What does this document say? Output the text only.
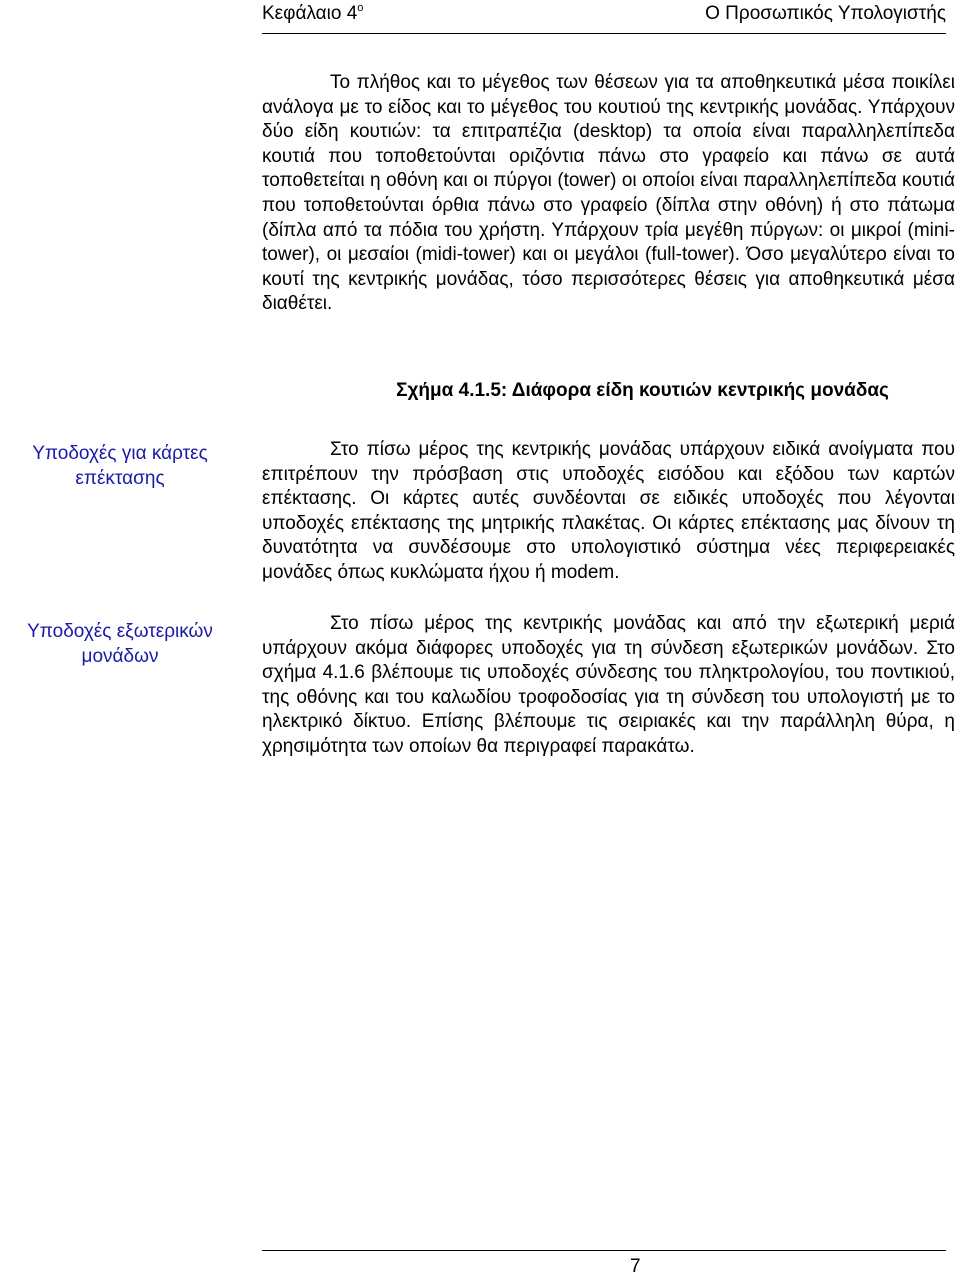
Κεφάλαιο $4^o$	Ο Προσωπικός Υπολογιστής
Το πλήθος και το μέγεθος των θέσεων για τα αποθηκευτικά μέσα ποικίλει ανάλογα με το είδος και το μέγεθος του κουτιού της κεντρικής μονάδας. Υπάρχουν δύο είδη κουτιών: τα επιτραπέζια (desktop) τα οποία είναι παραλληλεπίπεδα κουτιά που τοποθετούνται οριζόντια πάνω στο γραφείο και πάνω σε αυτά τοποθετείται η οθόνη και οι πύργοι (tower) οι οποίοι είναι παραλληλεπίπεδα κουτιά που τοποθετούνται όρθια πάνω στο γραφείο (δίπλα στην οθόνη) ή στο πάτωμα (δίπλα από τα πόδια του χρήστη. Υπάρχουν τρία μεγέθη πύργων: οι μικροί (mini-tower), οι μεσαίοι (midi-tower) και οι μεγάλοι (full-tower). Όσο μεγαλύτερο είναι το κουτί της κεντρικής μονάδας, τόσο περισσότερες θέσεις για αποθηκευτικά μέσα διαθέτει.
Σχήμα 4.1.5: Διάφορα είδη κουτιών κεντρικής μονάδας
Υποδοχές για κάρτες επέκτασης
Στο πίσω μέρος της κεντρικής μονάδας υπάρχουν ειδικά ανοίγματα που επιτρέπουν την πρόσβαση στις υποδοχές εισόδου και εξόδου των καρτών επέκτασης. Οι κάρτες αυτές συνδέονται σε ειδικές υποδοχές που λέγονται υποδοχές επέκτασης της μητρικής πλακέτας. Οι κάρτες επέκτασης μας δίνουν τη δυνατότητα να συνδέσουμε στο υπολογιστικό σύστημα νέες περιφερειακές μονάδες όπως κυκλώματα ήχου ή modem.
Υποδοχές εξωτερικών μονάδων
Στο πίσω μέρος της κεντρικής μονάδας και από την εξωτερική μεριά υπάρχουν ακόμα διάφορες υποδοχές για τη σύνδεση εξωτερικών μονάδων. Στο σχήμα 4.1.6 βλέπουμε τις υποδοχές σύνδεσης του πληκτρολογίου, του ποντικιού, της οθόνης και του καλωδίου τροφοδοσίας για τη σύνδεση του υπολογιστή με το ηλεκτρικό δίκτυο. Επίσης βλέπουμε τις σειριακές και την παράλληλη θύρα, η χρησιμότητα των οποίων θα περιγραφεί παρακάτω.
7
